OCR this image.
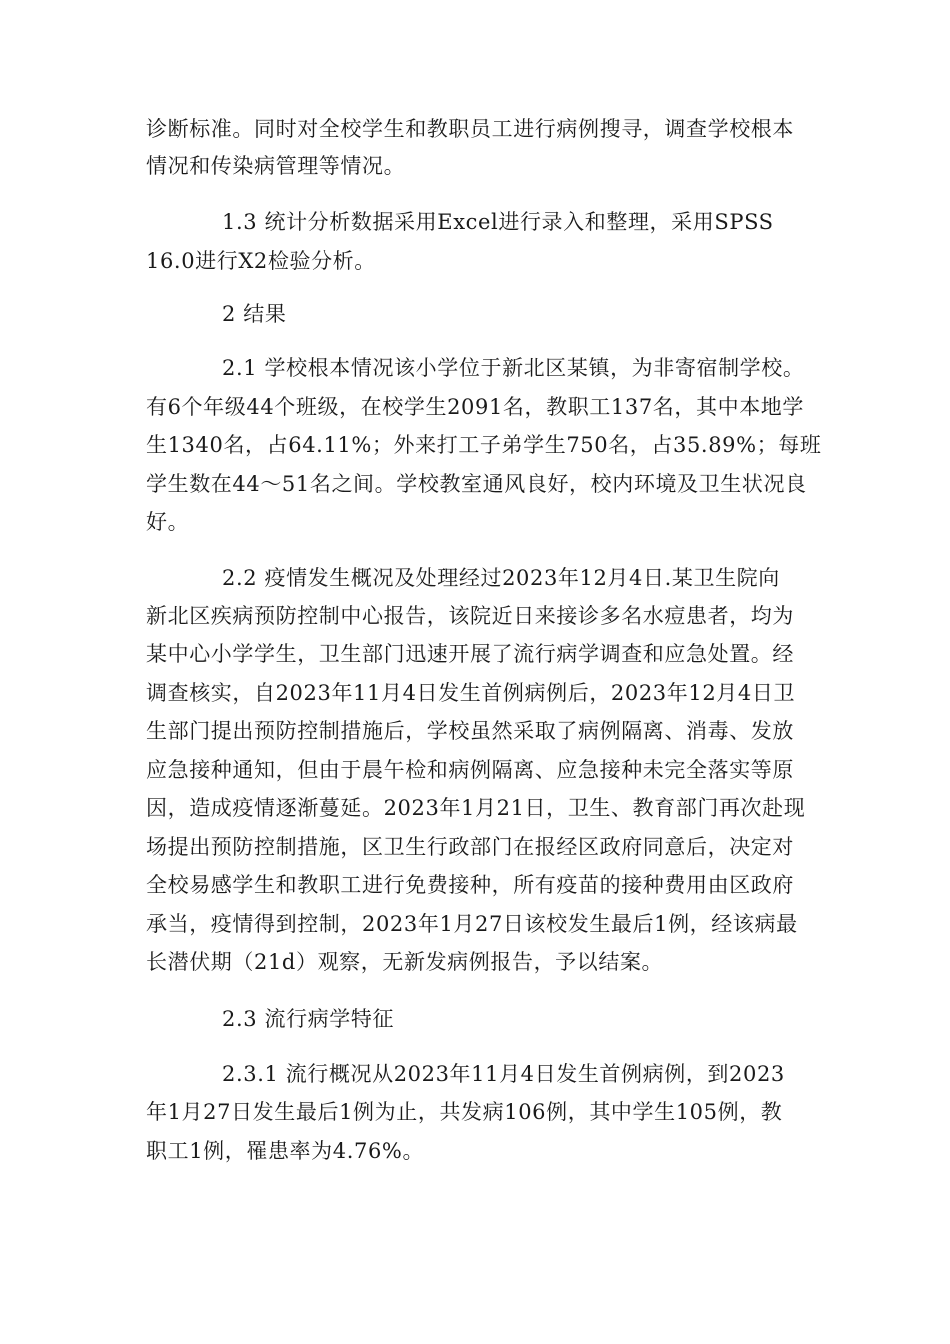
诊断标准。同时对全校学生和教职员工进行病例搜寻，调查学校根本
情况和传染病管理等情况。
1.3 统计分析数据采用Excel进行录入和整理，采用SPSS
16.0进行X2检验分析。
2 结果
2.1 学校根本情况该小学位于新北区某镇，为非寄宿制学校。
有6个年级44个班级，在校学生2091名，教职工137名，其中本地学
生1340名，占64.11%；外来打工子弟学生750名，占35.89%；每班
学生数在44～51名之间。学校教室通风良好，校内环境及卫生状况良
好。
2.2 疫情发生概况及处理经过2023年12月4日.某卫生院向
新北区疾病预防控制中心报告，该院近日来接诊多名水痘患者，均为
某中心小学学生，卫生部门迅速开展了流行病学调查和应急处置。经
调查核实，自2023年11月4日发生首例病例后，2023年12月4日卫
生部门提出预防控制措施后，学校虽然采取了病例隔离、消毒、发放
应急接种通知，但由于晨午检和病例隔离、应急接种未完全落实等原
因，造成疫情逐渐蔓延。2023年1月21日，卫生、教育部门再次赴现
场提出预防控制措施，区卫生行政部门在报经区政府同意后，决定对
全校易感学生和教职工进行免费接种，所有疫苗的接种费用由区政府
承当，疫情得到控制，2023年1月27日该校发生最后1例，经该病最
长潜伏期（21d）观察，无新发病例报告，予以结案。
2.3 流行病学特征
2.3.1 流行概况从2023年11月4日发生首例病例，到2023
年1月27日发生最后1例为止，共发病106例，其中学生105例，教
职工1例，罹患率为4.76%。
